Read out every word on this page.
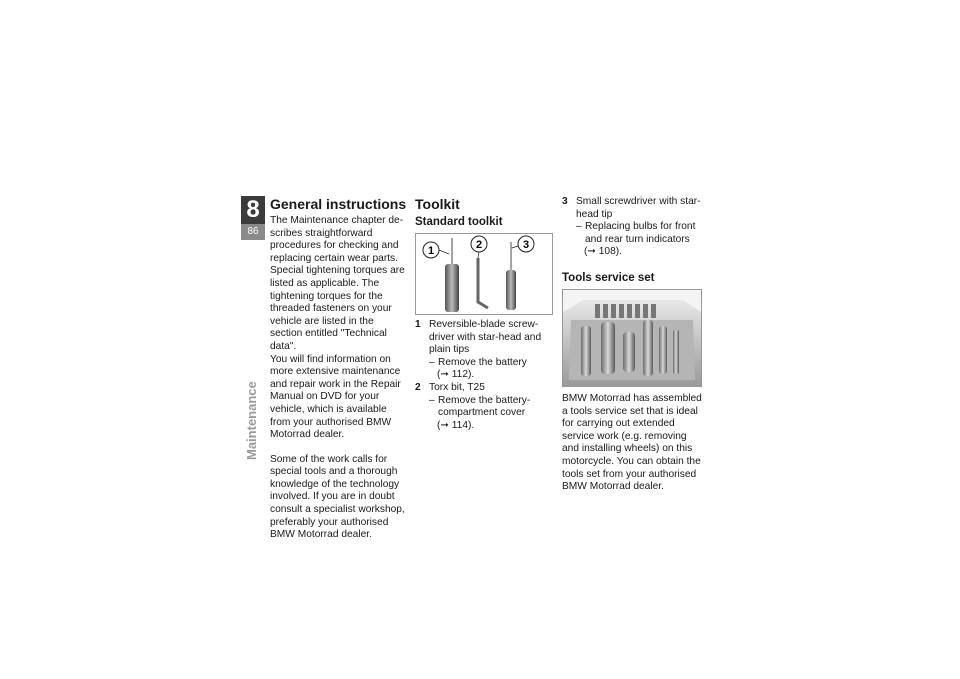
8
86
Maintenance
General instructions

The Maintenance chapter describes straightforward procedures for checking and replacing certain wear parts.

Special tightening torques are listed as applicable. The tightening torques for the threaded fasteners on your vehicle are listed in the section entitled "Technical data".

You will find information on more extensive maintenance and repair work in the Repair Manual on DVD for your vehicle, which is available from your authorised BMW Motorrad dealer.

Some of the work calls for special tools and a thorough knowledge of the technology involved. If you are in doubt consult a specialist workshop, preferably your authorised BMW Motorrad dealer.

Toolkit
Standard toolkit
1	2	3
1 Reversible-blade screwdriver with star-head and plain tips
– Remove the battery
(➞ 112).
2 Torx bit, T25
– Remove the battery-compartment cover
(➞ 114).
3 Small screwdriver with star-head tip
– Replacing bulbs for front and rear turn indicators
(➞ 108).
Tools service set

BMW Motorrad has assembled a tools service set that is ideal for carrying out extended service work (e.g. removing and installing wheels) on this motorcycle. You can obtain the tools set from your authorised BMW Motorrad dealer.
